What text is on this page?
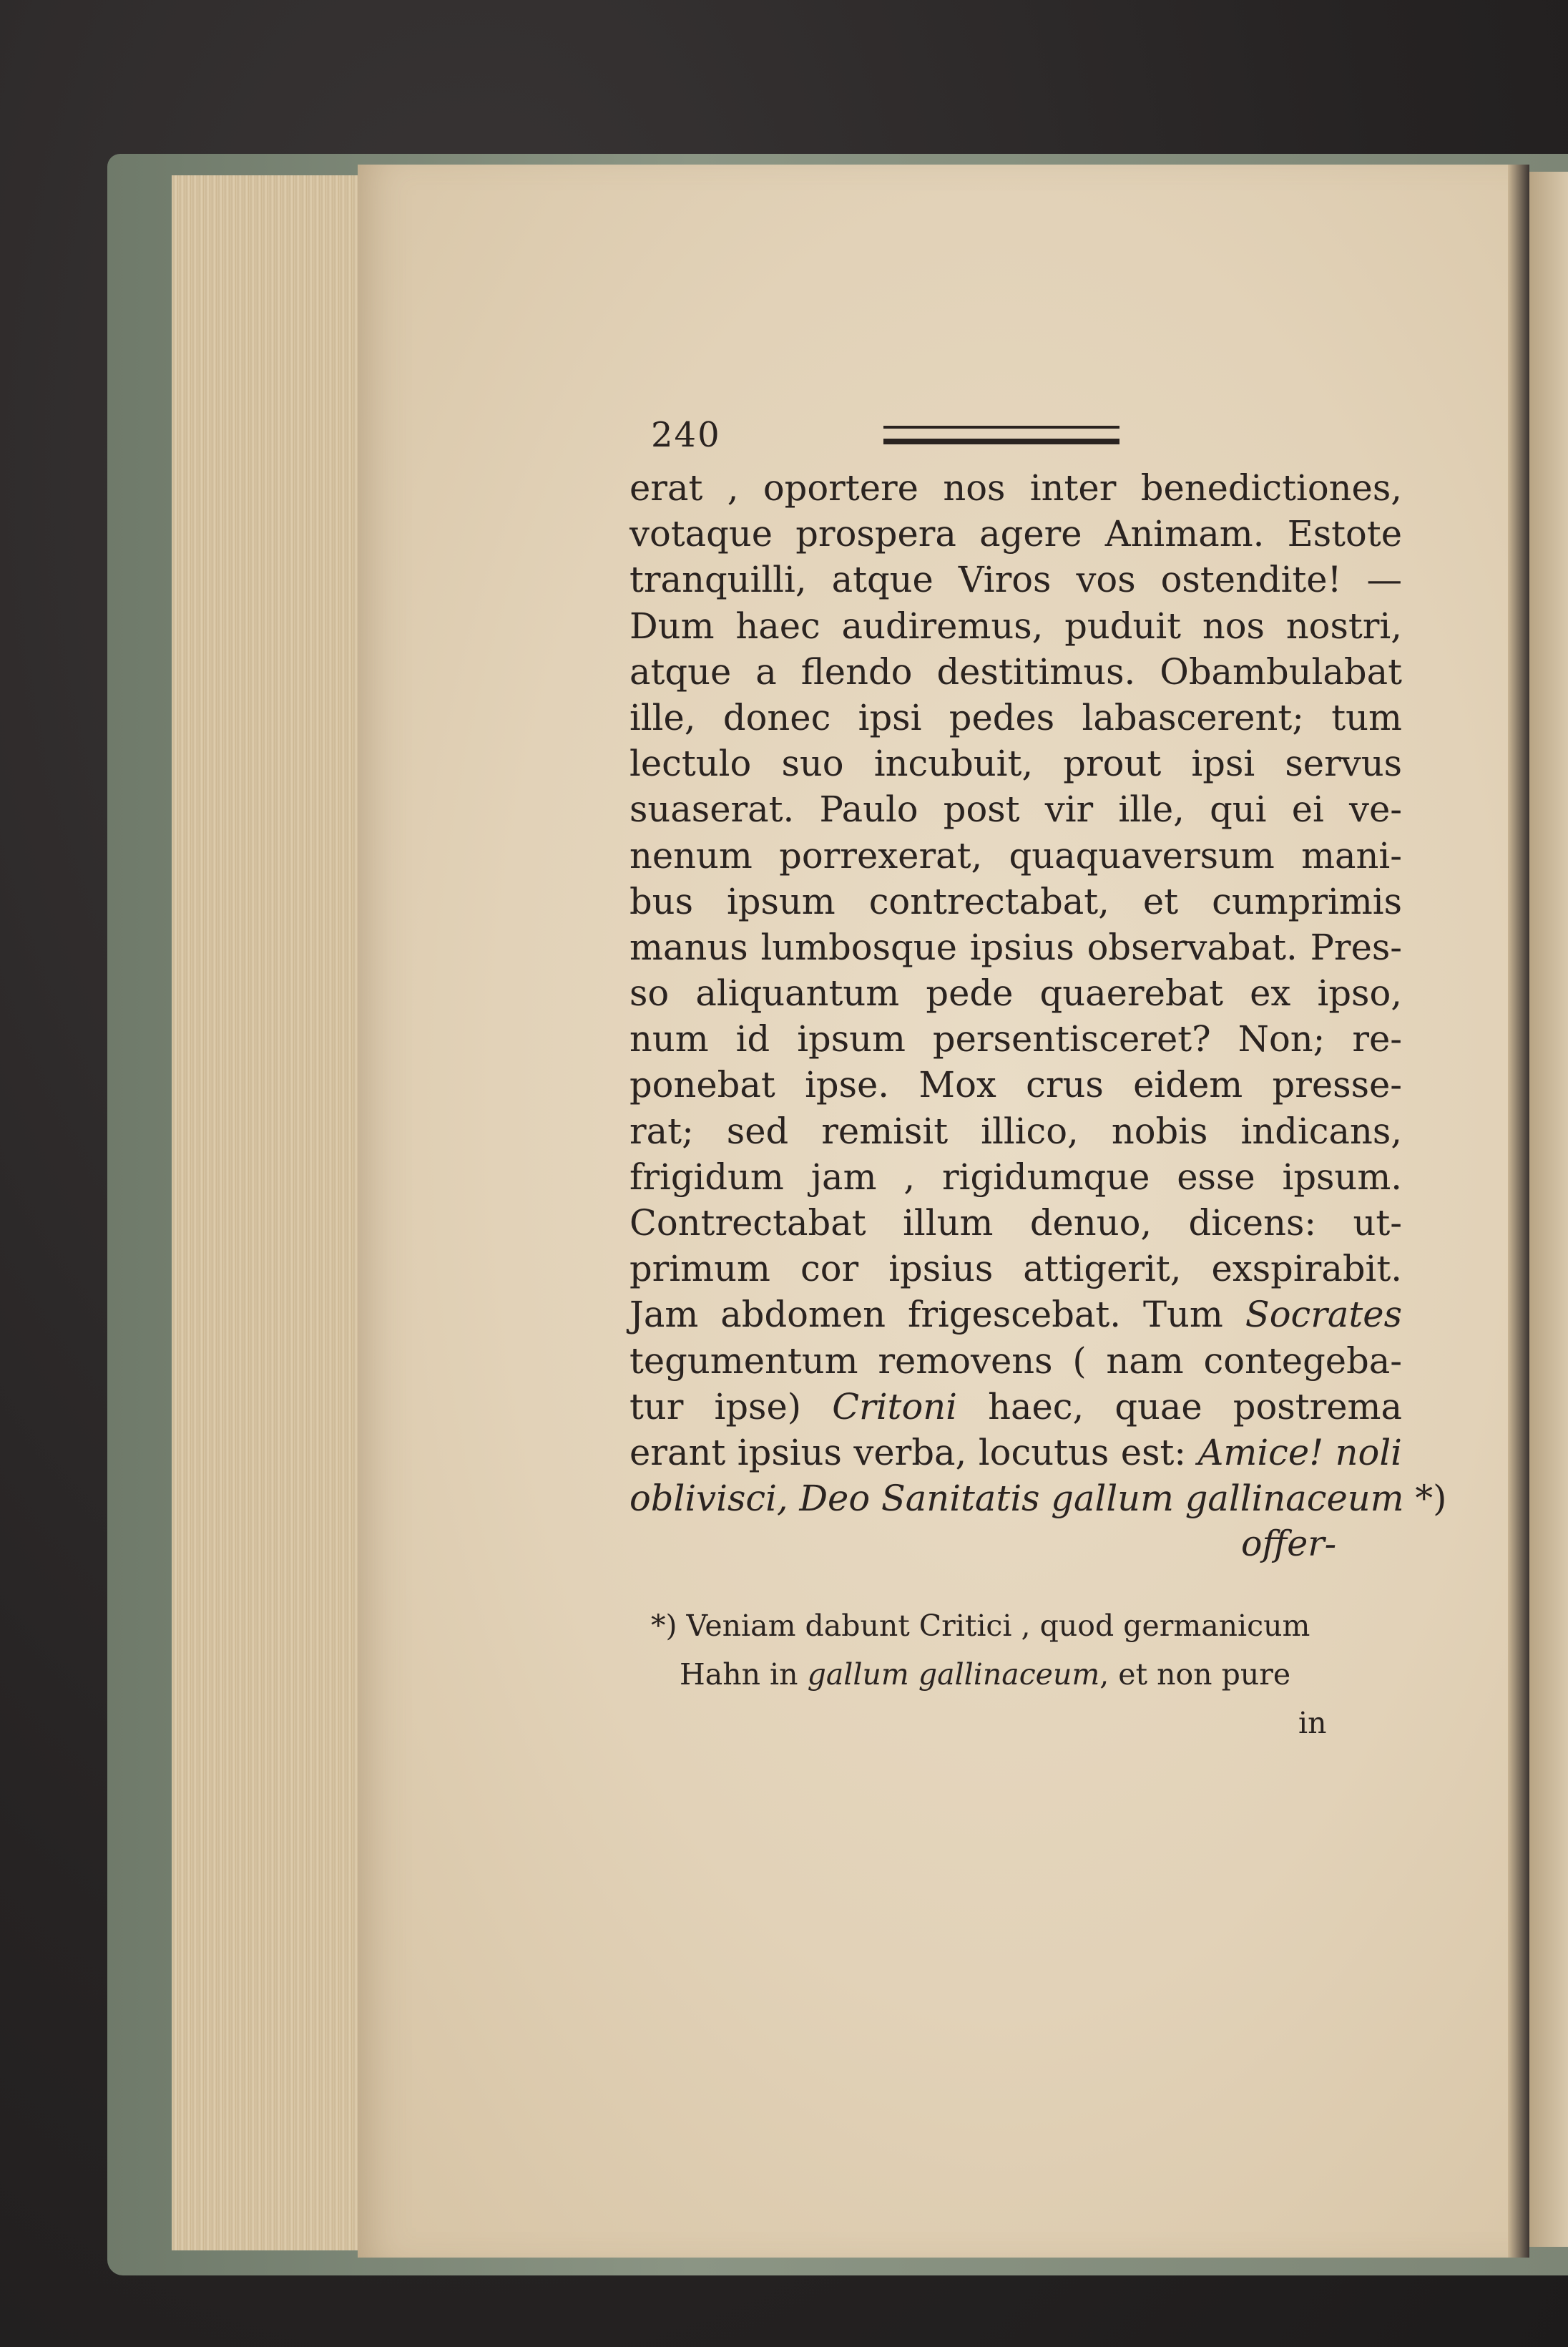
240
erat , oportere nos inter benedictiones,
votaque prospera agere Animam. Estote
tranquilli, atque Viros vos ostendite! —
Dum haec audiremus, puduit nos nostri,
atque a flendo destitimus. Obambulabat
ille, donec ipsi pedes labascerent; tum
lectulo suo incubuit, prout ipsi servus
suaserat. Paulo post vir ille, qui ei ve-
nenum porrexerat, quaquaversum mani-
bus ipsum contrectabat, et cumprimis
manus lumbosque ipsius observabat. Pres-
so aliquantum pede quaerebat ex ipso,
num id ipsum persentisceret? Non; re-
ponebat ipse. Mox crus eidem presse-
rat; sed remisit illico, nobis indicans,
frigidum jam , rigidumque esse ipsum.
Contrectabat illum denuo, dicens: ut-
primum cor ipsius attigerit, exspirabit.
Jam abdomen frigescebat. Tum Socrates
tegumentum removens ( nam contegeba-
tur ipse) Critoni haec, quae postrema
erant ipsius verba, locutus est: Amice! noli
oblivisci, Deo Sanitatis gallum gallinaceum *)
offer-
*) Veniam dabunt Critici , quod germanicum
Hahn in gallum gallinaceum, et non pure
in
